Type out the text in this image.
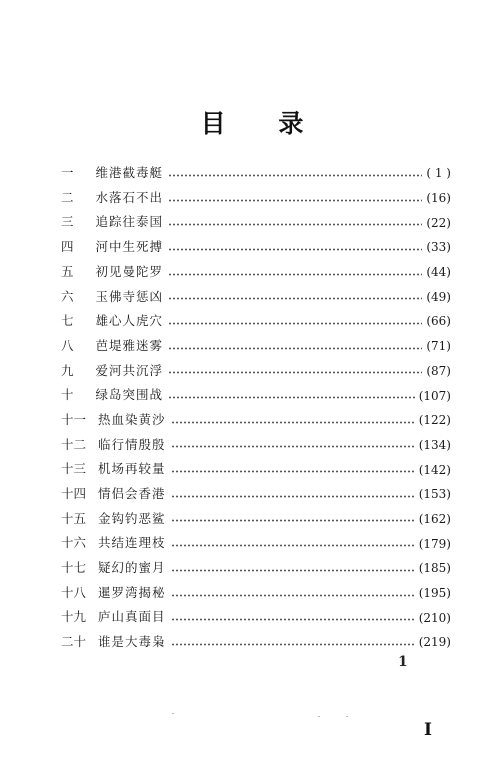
目 录
一 维港截毒艇	( 1 )
二 水落石不出	(16)
三 追踪往泰国	(22)
四 河中生死搏	(33)
五 初见曼陀罗	(44)
六 玉佛寺惩凶	(49)
七 雄心人虎穴	(66)
八 芭堤雅迷雾	(71)
九 爱河共沉浮	(87)
十 绿岛突围战	(107)
十一 热血染黄沙	(122)
十二 临行情殷殷	(134)
十三 机场再较量	(142)
十四 情侣会香港	(153)
十五 金钩钓恶鲨	(162)
十六 共结连理枝	(179)
十七 疑幻的蜜月	(185)
十八 暹罗湾揭秘	(195)
十九 庐山真面目	(210)
二十 谁是大毒枭	(219)
1
I
